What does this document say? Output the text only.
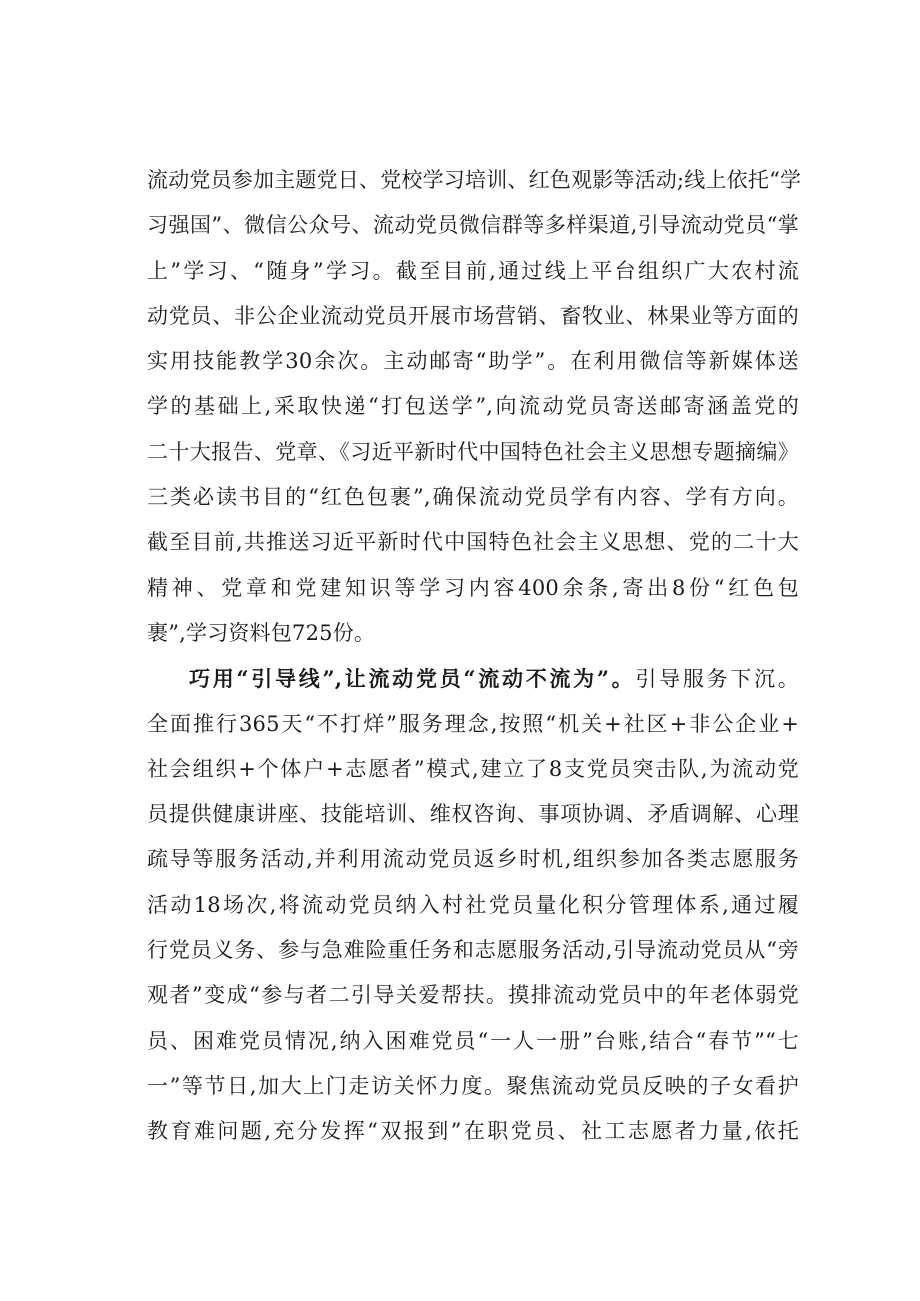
流动党员参加主题党日、党校学习培训、红色观影等活动;线上依托“学
习强国”、微信公众号、流动党员微信群等多样渠道,引导流动党员“掌
上”学习、“随身”学习。截至目前,通过线上平台组织广大农村流
动党员、非公企业流动党员开展市场营销、畜牧业、林果业等方面的
实用技能教学30余次。主动邮寄“助学”。在利用微信等新媒体送
学的基础上,采取快递“打包送学”,向流动党员寄送邮寄涵盖党的
二十大报告、党章、《习近平新时代中国特色社会主义思想专题摘编》
三类必读书目的“红色包裹”,确保流动党员学有内容、学有方向。
截至目前,共推送习近平新时代中国特色社会主义思想、党的二十大
精神、党章和党建知识等学习内容400余条,寄出8份“红色包
裹”,学习资料包725份。
巧用“引导线”,让流动党员“流动不流为”。引导服务下沉。
全面推行365天“不打烊”服务理念,按照“机关+社区+非公企业+
社会组织+个体户+志愿者”模式,建立了8支党员突击队,为流动党
员提供健康讲座、技能培训、维权咨询、事项协调、矛盾调解、心理
疏导等服务活动,并利用流动党员返乡时机,组织参加各类志愿服务
活动18场次,将流动党员纳入村社党员量化积分管理体系,通过履
行党员义务、参与急难险重任务和志愿服务活动,引导流动党员从“旁
观者”变成“参与者二引导关爱帮扶。摸排流动党员中的年老体弱党
员、困难党员情况,纳入困难党员“一人一册”台账,结合“春节”“七
一”等节日,加大上门走访关怀力度。聚焦流动党员反映的子女看护
教育难问题,充分发挥“双报到”在职党员、社工志愿者力量,依托
